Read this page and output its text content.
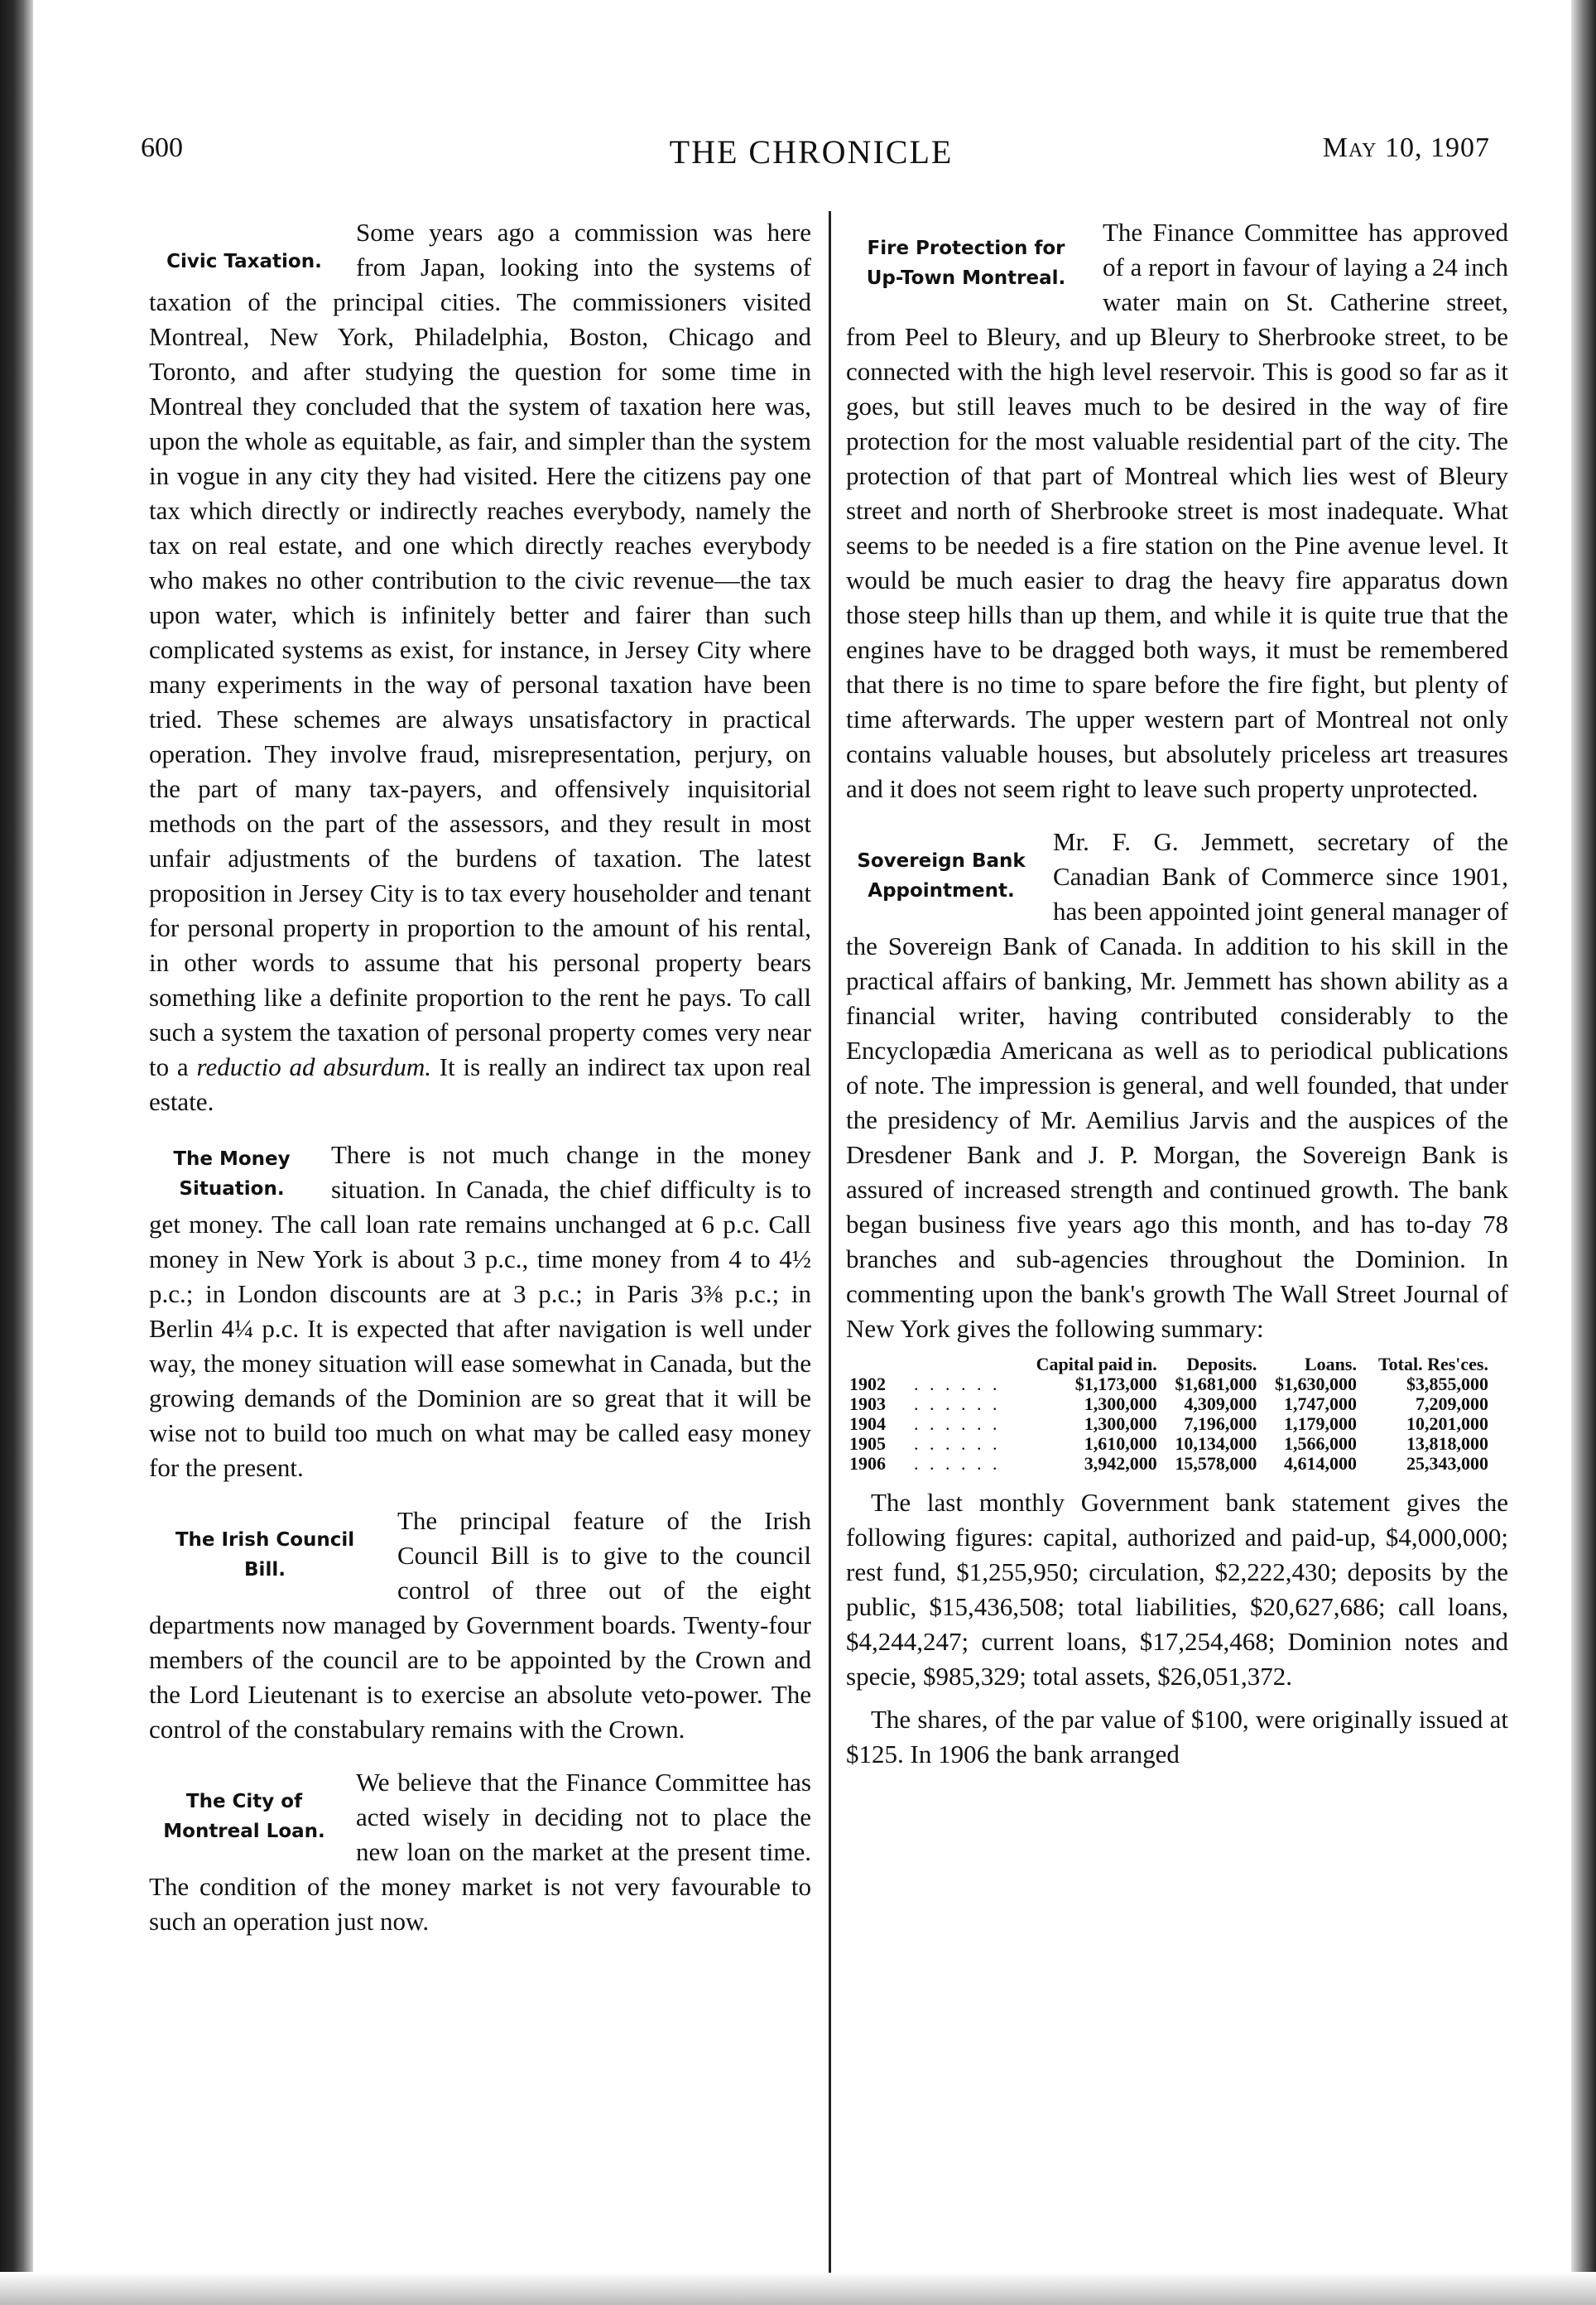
600	THE CHRONICLE	May 10, 1907
Civic Taxation.

Some years ago a commission was here from Japan, looking into the systems of taxation of the principal cities. The commissioners visited Montreal, New York, Philadelphia, Boston, Chicago and Toronto, and after studying the question for some time in Montreal they concluded that the system of taxation here was, upon the whole as equitable, as fair, and simpler than the system in vogue in any city they had visited. Here the citizens pay one tax which directly or indirectly reaches everybody, namely the tax on real estate, and one which directly reaches everybody who makes no other contribution to the civic revenue—the tax upon water, which is infinitely better and fairer than such complicated systems as exist, for instance, in Jersey City where many experiments in the way of personal taxation have been tried. These schemes are always unsatisfactory in practical operation. They involve fraud, misrepresentation, perjury, on the part of many tax-payers, and offensively inquisitorial methods on the part of the assessors, and they result in most unfair adjustments of the burdens of taxation. The latest proposition in Jersey City is to tax every householder and tenant for personal property in proportion to the amount of his rental, in other words to assume that his personal property bears something like a definite proportion to the rent he pays. To call such a system the taxation of personal property comes very near to a reductio ad absurdum. It is really an indirect tax upon real estate.

The Money
Situation.

There is not much change in the money situation. In Canada, the chief difficulty is to get money. The call loan rate remains unchanged at 6 p.c. Call money in New York is about 3 p.c., time money from 4 to 4½ p.c.; in London discounts are at 3 p.c.; in Paris 3⅜ p.c.; in Berlin 4¼ p.c. It is expected that after navigation is well under way, the money situation will ease somewhat in Canada, but the growing demands of the Dominion are so great that it will be wise not to build too much on what may be called easy money for the present.

The Irish Council
Bill.

The principal feature of the Irish Council Bill is to give to the council control of three out of the eight departments now managed by Government boards. Twenty-four members of the council are to be appointed by the Crown and the Lord Lieutenant is to exercise an absolute veto-power. The control of the constabulary remains with the Crown.

The City of
Montreal Loan.

We believe that the Finance Committee has acted wisely in deciding not to place the new loan on the market at the present time. The condition of the money market is not very favourable to such an operation just now.

Fire Protection for
Up-Town Montreal.

The Finance Committee has approved of a report in favour of laying a 24 inch water main on St. Catherine street, from Peel to Bleury, and up Bleury to Sherbrooke street, to be connected with the high level reservoir. This is good so far as it goes, but still leaves much to be desired in the way of fire protection for the most valuable residential part of the city. The protection of that part of Montreal which lies west of Bleury street and north of Sherbrooke street is most inadequate. What seems to be needed is a fire station on the Pine avenue level. It would be much easier to drag the heavy fire apparatus down those steep hills than up them, and while it is quite true that the engines have to be dragged both ways, it must be remembered that there is no time to spare before the fire fight, but plenty of time afterwards. The upper western part of Montreal not only contains valuable houses, but absolutely priceless art treasures and it does not seem right to leave such property unprotected.

Sovereign Bank
Appointment.

Mr. F. G. Jemmett, secretary of the Canadian Bank of Commerce since 1901, has been appointed joint general manager of the Sovereign Bank of Canada. In addition to his skill in the practical affairs of banking, Mr. Jemmett has shown ability as a financial writer, having contributed considerably to the Encyclopædia Americana as well as to periodical publications of note. The impression is general, and well founded, that under the presidency of Mr. Aemilius Jarvis and the auspices of the Dresdener Bank and J. P. Morgan, the Sovereign Bank is assured of increased strength and continued growth. The bank began business five years ago this month, and has to-day 78 branches and sub-agencies throughout the Dominion. In commenting upon the bank's growth The Wall Street Journal of New York gives the following summary:

		Capital paid in.	Deposits.	Loans.	Total. Res'ces.
1902	. . . . . .	$1,173,000	$1,681,000	$1,630,000	$3,855,000
1903	. . . . . .	1,300,000	4,309,000	1,747,000	7,209,000
1904	. . . . . .	1,300,000	7,196,000	1,179,000	10,201,000
1905	. . . . . .	1,610,000	10,134,000	1,566,000	13,818,000
1906	. . . . . .	3,942,000	15,578,000	4,614,000	25,343,000

The last monthly Government bank statement gives the following figures: capital, authorized and paid-up, $4,000,000; rest fund, $1,255,950; circulation, $2,222,430; deposits by the public, $15,436,508; total liabilities, $20,627,686; call loans, $4,244,247; current loans, $17,254,468; Dominion notes and specie, $985,329; total assets, $26,051,372.

The shares, of the par value of $100, were originally issued at $125. In 1906 the bank arranged
